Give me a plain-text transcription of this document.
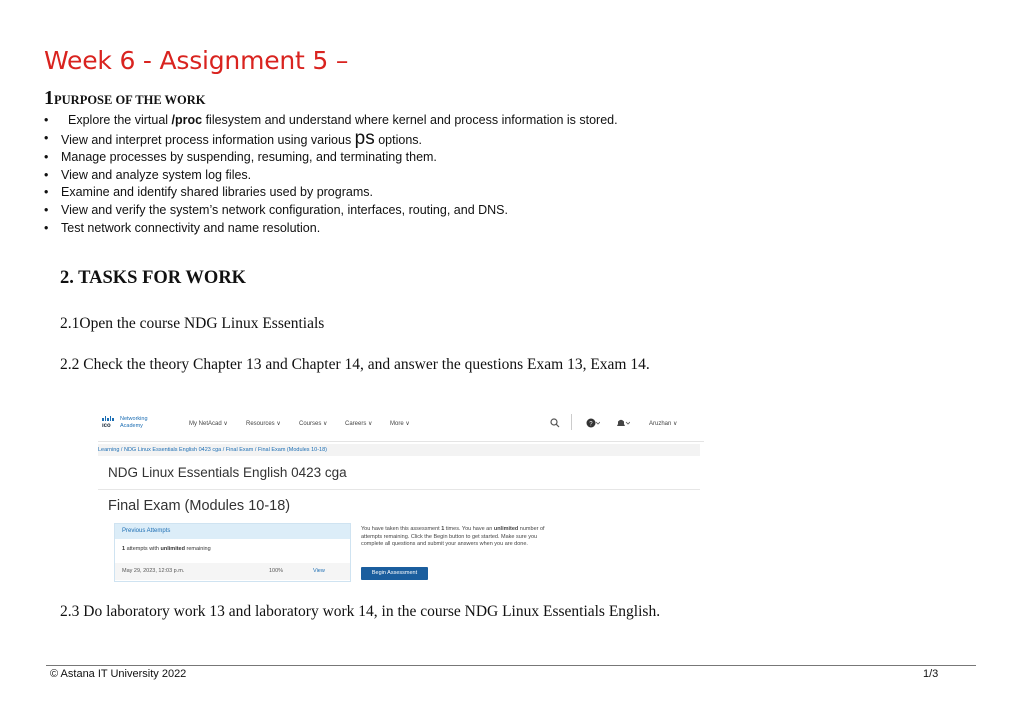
Week 6 - Assignment 5 –
1PURPOSE OF THE WORK
• Explore the virtual /proc filesystem and understand where kernel and process information is stored.
• View and interpret process information using various ps options.
• Manage processes by suspending, resuming, and terminating them.
• View and analyze system log files.
• Examine and identify shared libraries used by programs.
• View and verify the system’s network configuration, interfaces, routing, and DNS.
• Test network connectivity and name resolution.
2. TASKS FOR WORK
2.1Open the course NDG Linux Essentials
2.2 Check the theory Chapter 13 and Chapter 14, and answer the questions Exam 13, Exam 14.
ıco
Networking
Academy	My NetAcad ∨	Resources ∨	Courses ∨	Careers ∨	More ∨	?	Aruzhan ∨
Learning / NDG Linux Essentials English 0423 cga / Final Exam / Final Exam (Modules 10-18)
NDG Linux Essentials English 0423 cga
Final Exam (Modules 10-18)
Previous Attempts
1 attempts with unlimited remaining
May 29, 2023, 12:03 p.m.	100%	View
You have taken this assessment 1 times. You have an unlimited number of attempts remaining. Click the Begin button to get started. Make sure you complete all questions and submit your answers when you are done.
Begin Assessment
2.3 Do laboratory work 13 and laboratory work 14, in the course NDG Linux Essentials English.
© Astana IT University 2022	1/3
